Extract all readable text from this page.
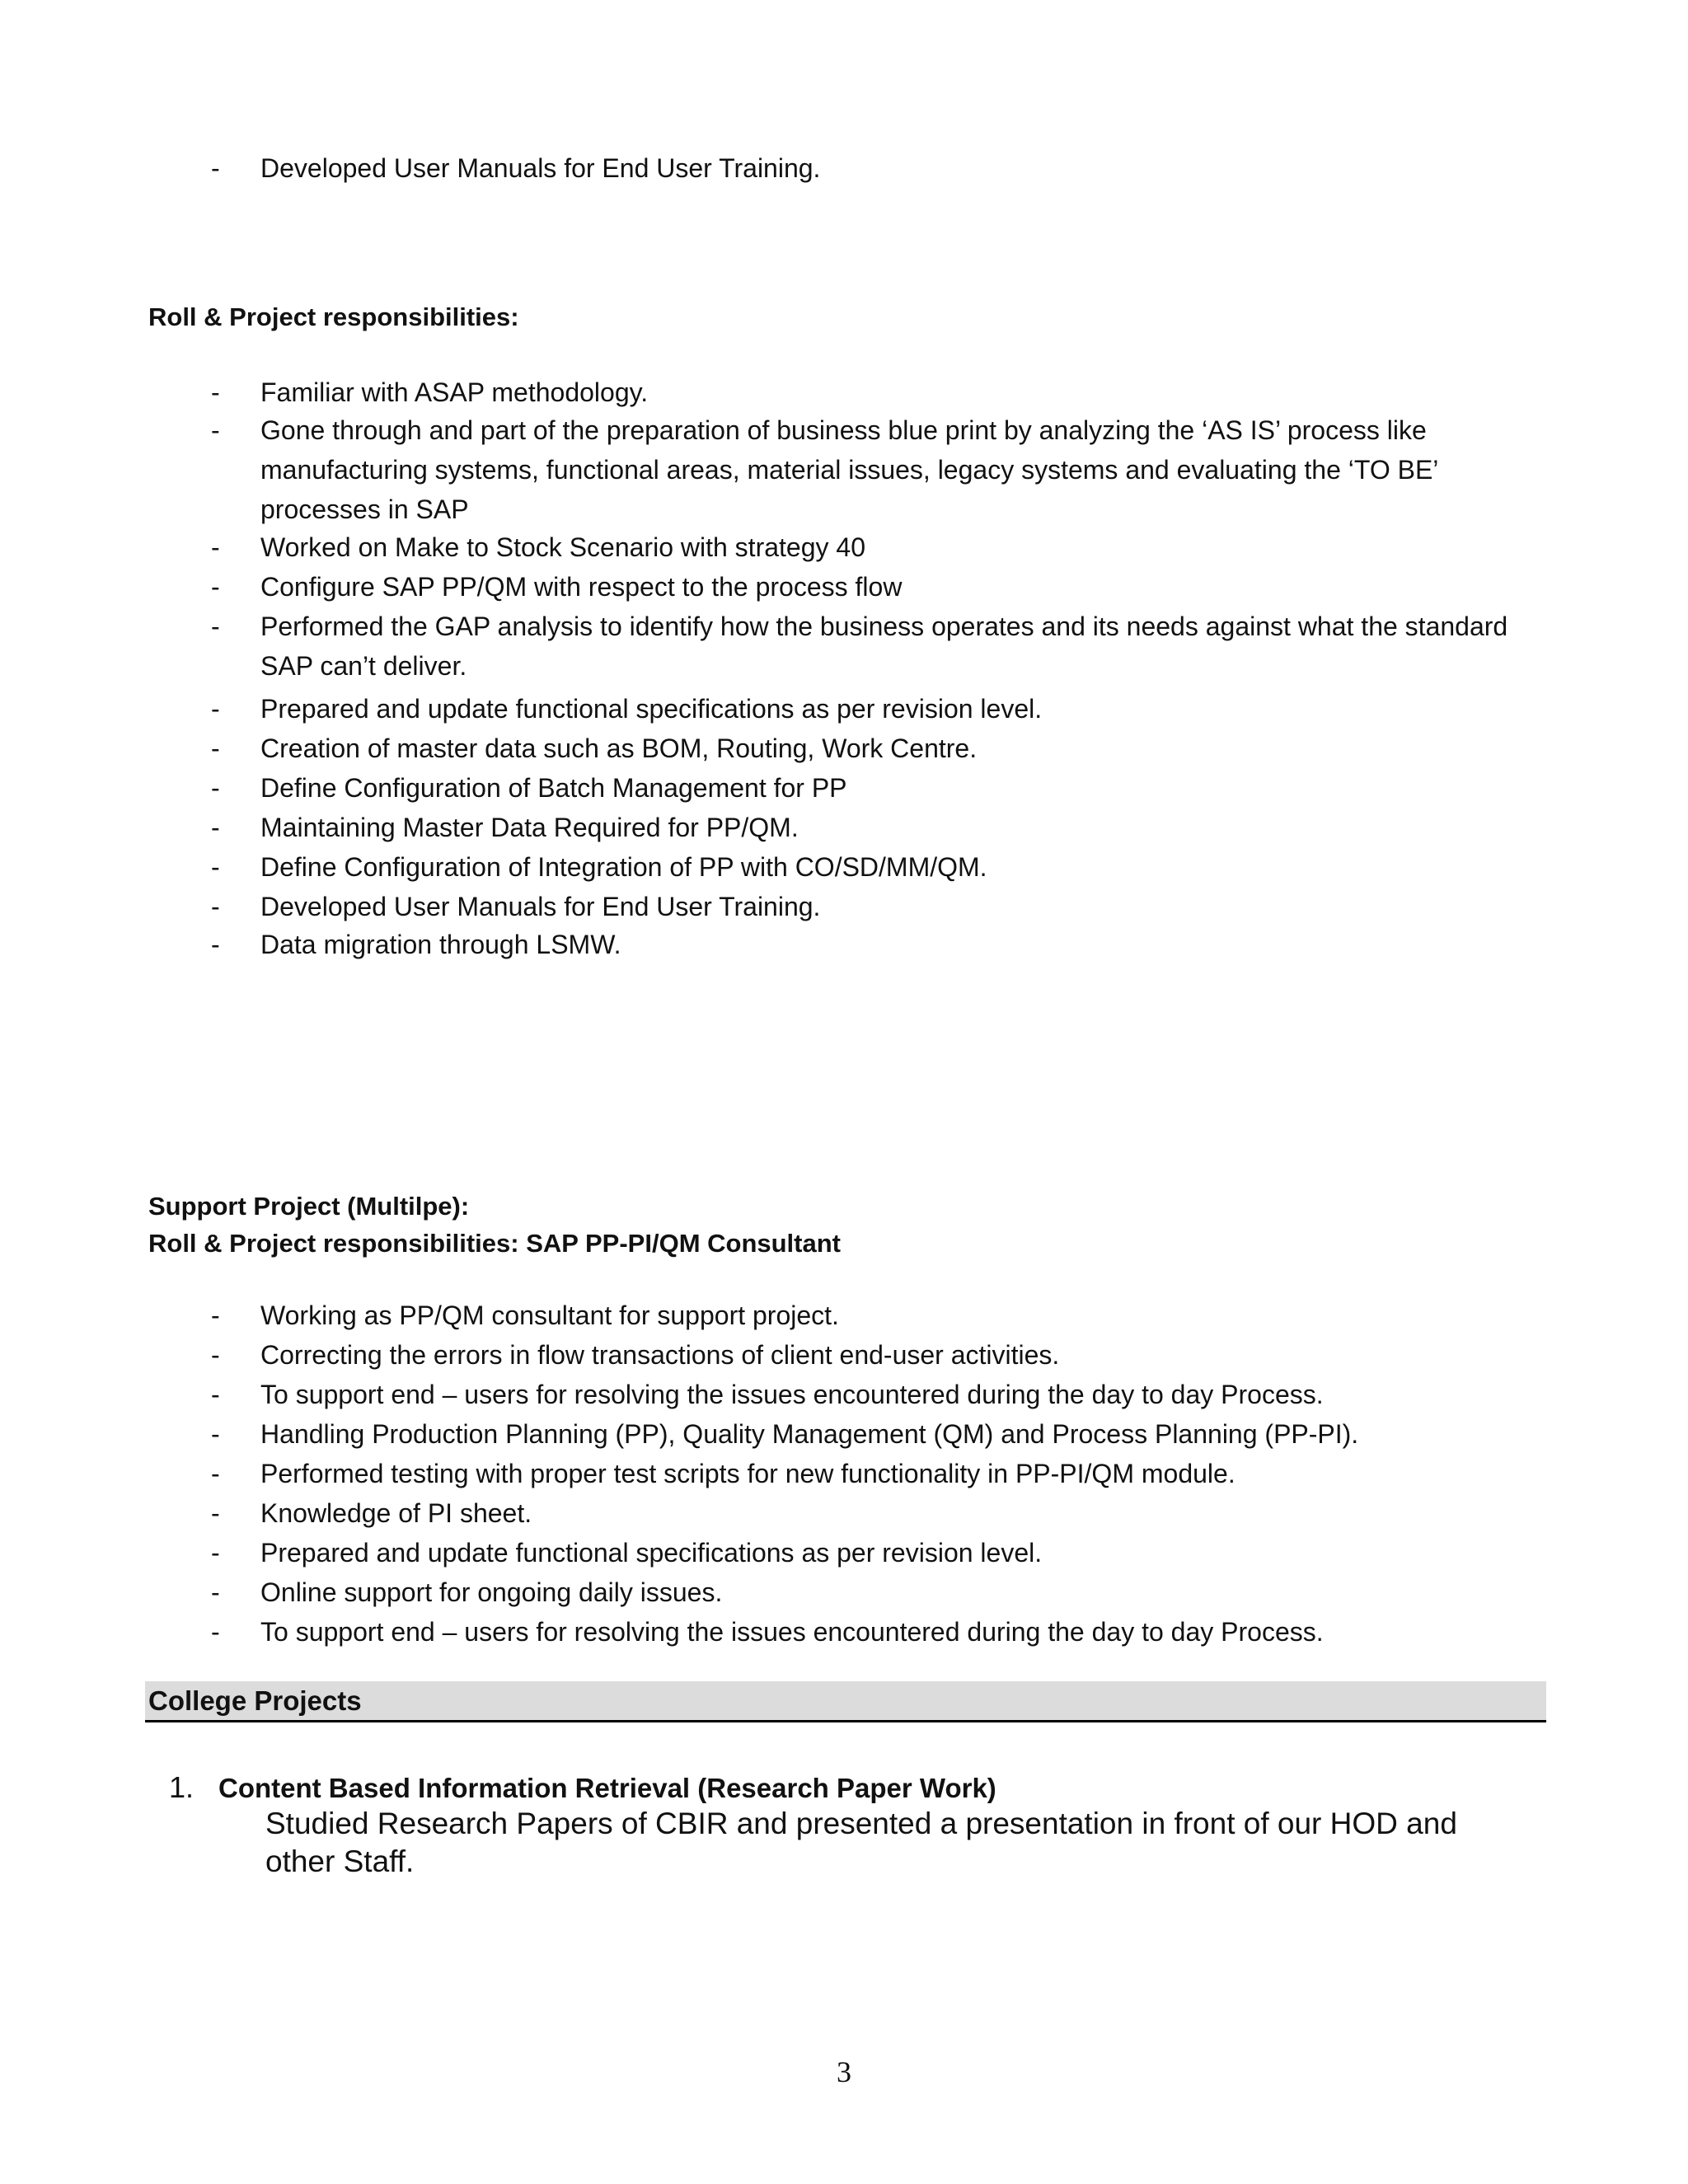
-	Developed User Manuals for End User Training.
Roll & Project responsibilities:
-	Familiar with ASAP methodology.
-	Gone through and part of the preparation of business blue print by analyzing the ‘AS IS’ process like manufacturing systems, functional areas, material issues, legacy systems and evaluating the ‘TO BE’ processes in SAP
-	Worked on Make to Stock Scenario with strategy 40
-	Configure SAP PP/QM with respect to the process flow
-	Performed the GAP analysis to identify how the business operates and its needs against what the standard SAP can’t deliver.
-	Prepared and update functional specifications as per revision level.
-	Creation of master data such as BOM, Routing, Work Centre.
-	Define Configuration of Batch Management for PP
-	Maintaining Master Data Required for PP/QM.
-	Define Configuration of Integration of PP with CO/SD/MM/QM.
-	Developed User Manuals for End User Training.
-	Data migration through LSMW.
Support Project (Multilpe):
Roll & Project responsibilities: SAP PP-PI/QM Consultant
-	Working as PP/QM consultant for support project.
-	Correcting the errors in flow transactions of client end-user activities.
-	To support end – users for resolving the issues encountered during the day to day Process.
-	Handling Production Planning (PP), Quality Management (QM) and Process Planning (PP-PI).
-	Performed testing with proper test scripts for new functionality in PP-PI/QM module.
-	Knowledge of PI sheet.
-	Prepared and update functional specifications as per revision level.
-	Online support for ongoing daily issues.
-	To support end – users for resolving the issues encountered during the day to day Process.
College Projects
1. Content Based Information Retrieval (Research Paper Work)
Studied Research Papers of CBIR and presented a presentation in front of our HOD and other Staff.
3
